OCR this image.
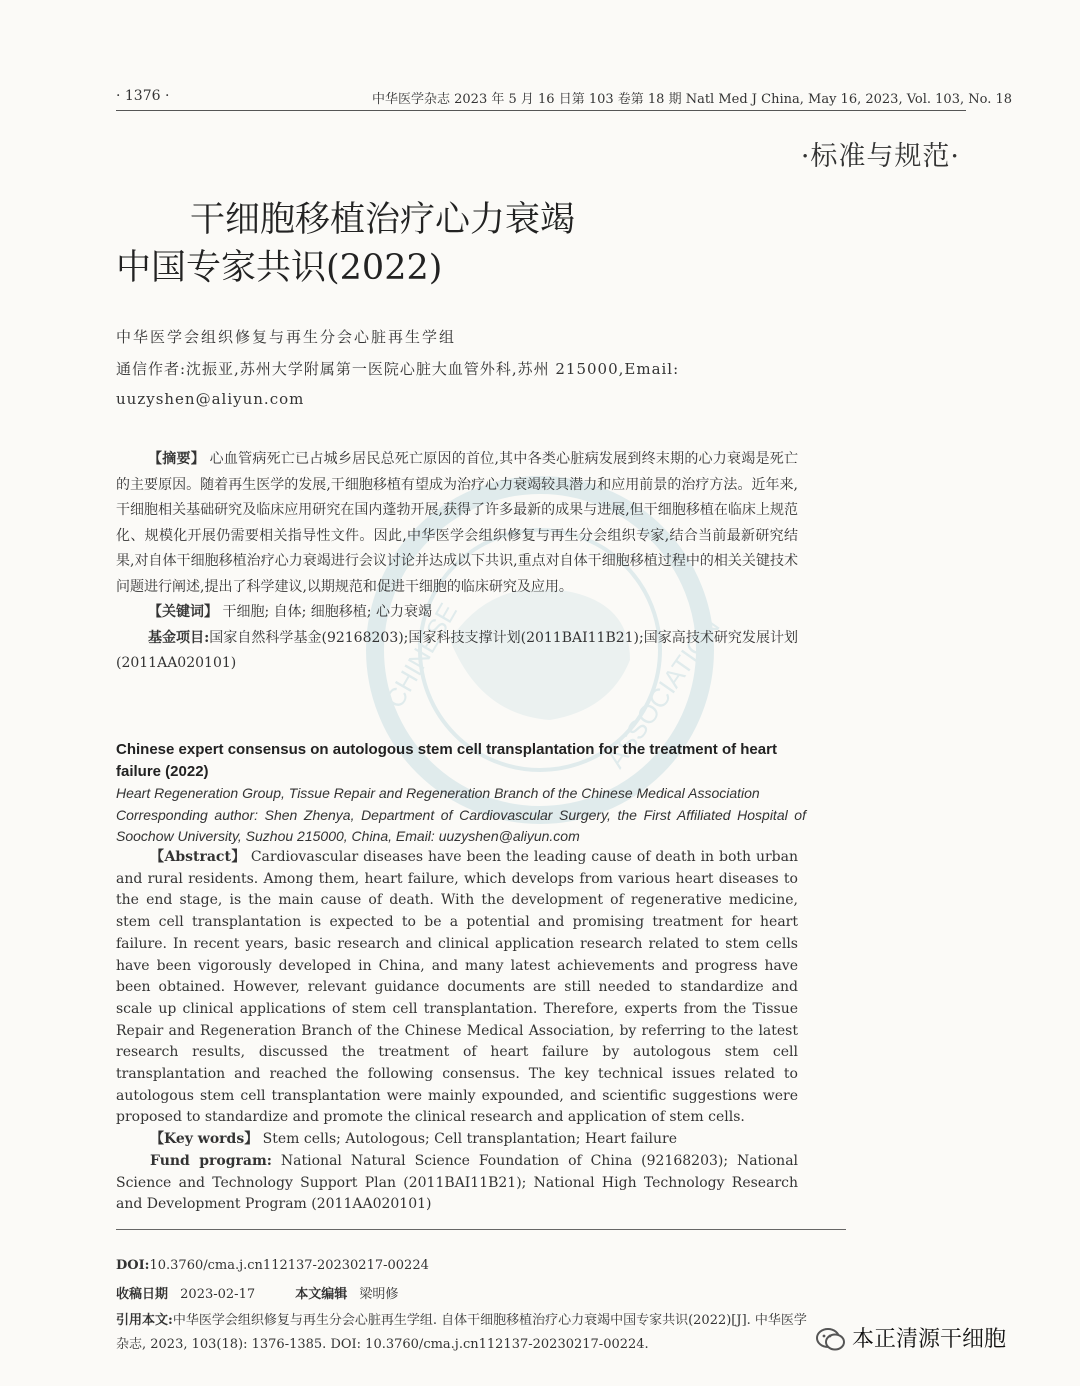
CHINESE	ASSOCIATION
· 1376 ·	中华医学杂志 2023 年 5 月 16 日第 103 卷第 18 期 Natl Med J China, May 16, 2023, Vol. 103, No. 18
·标准与规范·
干细胞移植治疗心力衰竭
中国专家共识(2022)
中华医学会组织修复与再生分会心脏再生学组
通信作者:沈振亚,苏州大学附属第一医院心脏大血管外科,苏州 215000,Email:
uuzyshen@aliyun.com

【摘要】 心血管病死亡已占城乡居民总死亡原因的首位,其中各类心脏病发展到终末期的心力衰竭是死亡的主要原因。随着再生医学的发展,干细胞移植有望成为治疗心力衰竭较具潜力和应用前景的治疗方法。近年来,干细胞相关基础研究及临床应用研究在国内蓬勃开展,获得了许多最新的成果与进展,但干细胞移植在临床上规范化、规模化开展仍需要相关指导性文件。因此,中华医学会组织修复与再生分会组织专家,结合当前最新研究结果,对自体干细胞移植治疗心力衰竭进行会议讨论并达成以下共识,重点对自体干细胞移植过程中的相关关键技术问题进行阐述,提出了科学建议,以期规范和促进干细胞的临床研究及应用。

【关键词】 干细胞; 自体; 细胞移植; 心力衰竭

基金项目:国家自然科学基金(92168203);国家科技支撑计划(2011BAI11B21);国家高技术研究发展计划(2011AA020101)

Chinese expert consensus on autologous stem cell transplantation for the treatment of heart failure (2022)
Heart Regeneration Group, Tissue Repair and Regeneration Branch of the Chinese Medical Association
Corresponding author: Shen Zhenya, Department of Cardiovascular Surgery, the First Affiliated Hospital of Soochow University, Suzhou 215000, China, Email: uuzyshen@aliyun.com

【Abstract】 Cardiovascular diseases have been the leading cause of death in both urban and rural residents. Among them, heart failure, which develops from various heart diseases to the end stage, is the main cause of death. With the development of regenerative medicine, stem cell transplantation is expected to be a potential and promising treatment for heart failure. In recent years, basic research and clinical application research related to stem cells have been vigorously developed in China, and many latest achievements and progress have been obtained. However, relevant guidance documents are still needed to standardize and scale up clinical applications of stem cell transplantation. Therefore, experts from the Tissue Repair and Regeneration Branch of the Chinese Medical Association, by referring to the latest research results, discussed the treatment of heart failure by autologous stem cell transplantation and reached the following consensus. The key technical issues related to autologous stem cell transplantation were mainly expounded, and scientific suggestions were proposed to standardize and promote the clinical research and application of stem cells.

【Key words】 Stem cells; Autologous; Cell transplantation; Heart failure

Fund program: National Natural Science Foundation of China (92168203); National Science and Technology Support Plan (2011BAI11B21); National High Technology Research and Development Program (2011AA020101)

DOI:10.3760/cma.j.cn112137-20230217-00224
收稿日期 2023-02-17	本文编辑 梁明修
引用本文:中华医学会组织修复与再生分会心脏再生学组. 自体干细胞移植治疗心力衰竭中国专家共识(2022)[J]. 中华医学杂志, 2023, 103(18): 1376-1385. DOI: 10.3760/cma.j.cn112137-20230217-00224.	本正清源干细胞
